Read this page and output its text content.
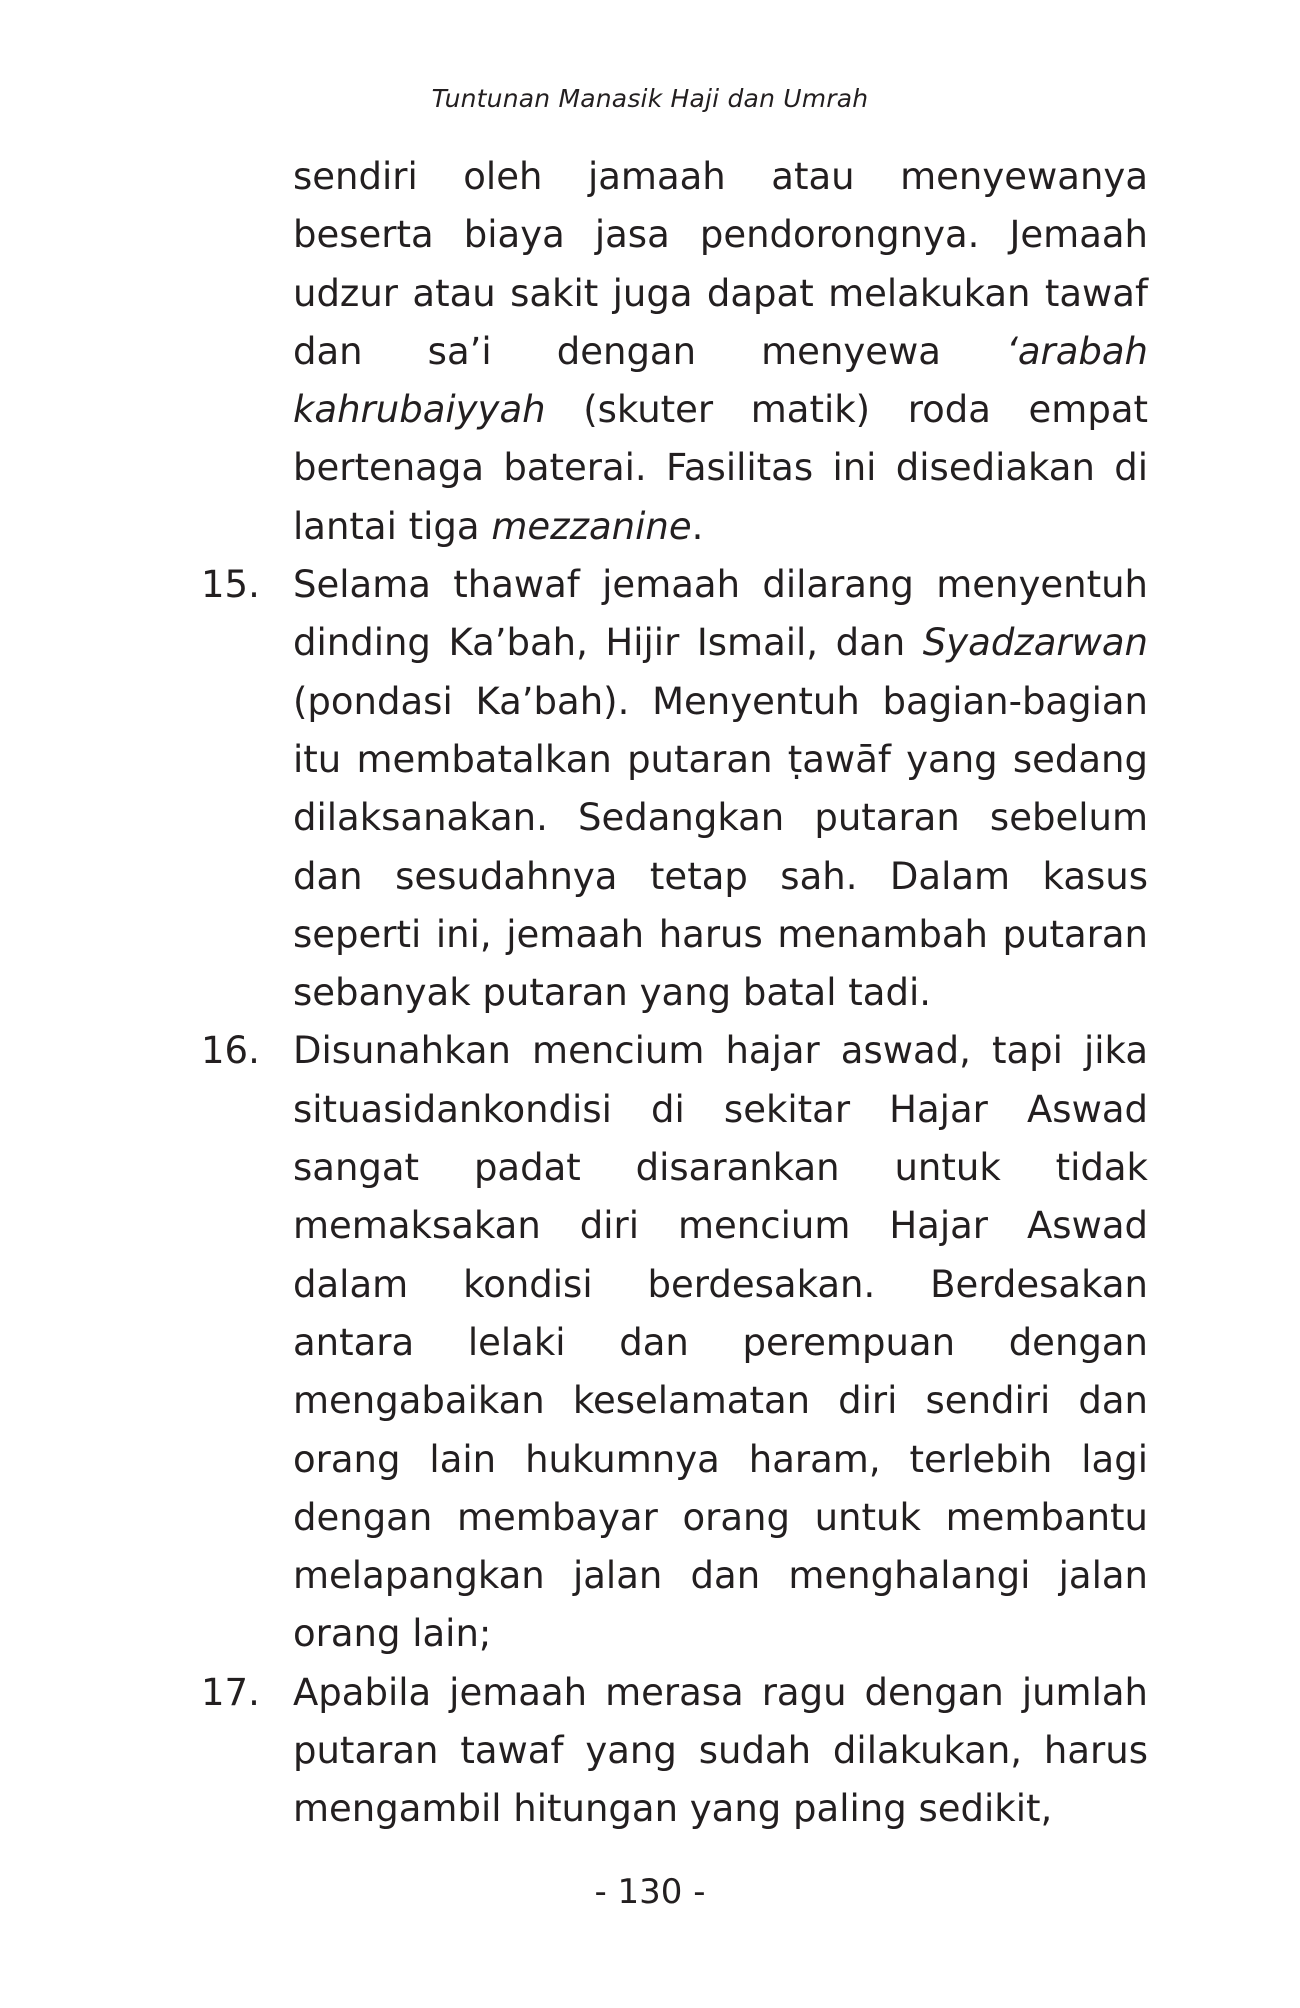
Tuntunan Manasik Haji dan Umrah
sendiri oleh jamaah atau menyewanya beserta biaya jasa pendorongnya. Jemaah udzur atau sakit juga dapat melakukan tawaf dan sa’i dengan menyewa ‘arabah kahrubaiyyah (skuter matik) roda empat bertenaga baterai. Fasilitas ini disediakan di lantai tiga mezzanine.
15. Selama thawaf jemaah dilarang menyentuh dinding Ka’bah, Hijir Ismail, dan Syadzarwan (pondasi Ka’bah). Menyentuh bagian-bagian itu membatalkan putaran ṭawāf yang sedang dilaksanakan. Sedangkan putaran sebelum dan sesudahnya tetap sah. Dalam kasus seperti ini, jemaah harus menambah putaran sebanyak putaran yang batal tadi.
16. Disunahkan mencium hajar aswad, tapi jika situasidankondisi di sekitar Hajar Aswad sangat padat disarankan untuk tidak memaksakan diri mencium Hajar Aswad dalam kondisi berdesakan. Berdesakan antara lelaki dan perempuan dengan mengabaikan keselamatan diri sendiri dan orang lain hukumnya haram, terlebih lagi dengan membayar orang untuk membantu melapangkan jalan dan menghalangi jalan orang lain;
17. Apabila jemaah merasa ragu dengan jumlah putaran tawaf yang sudah dilakukan, harus mengambil hitungan yang paling sedikit,
- 130 -
